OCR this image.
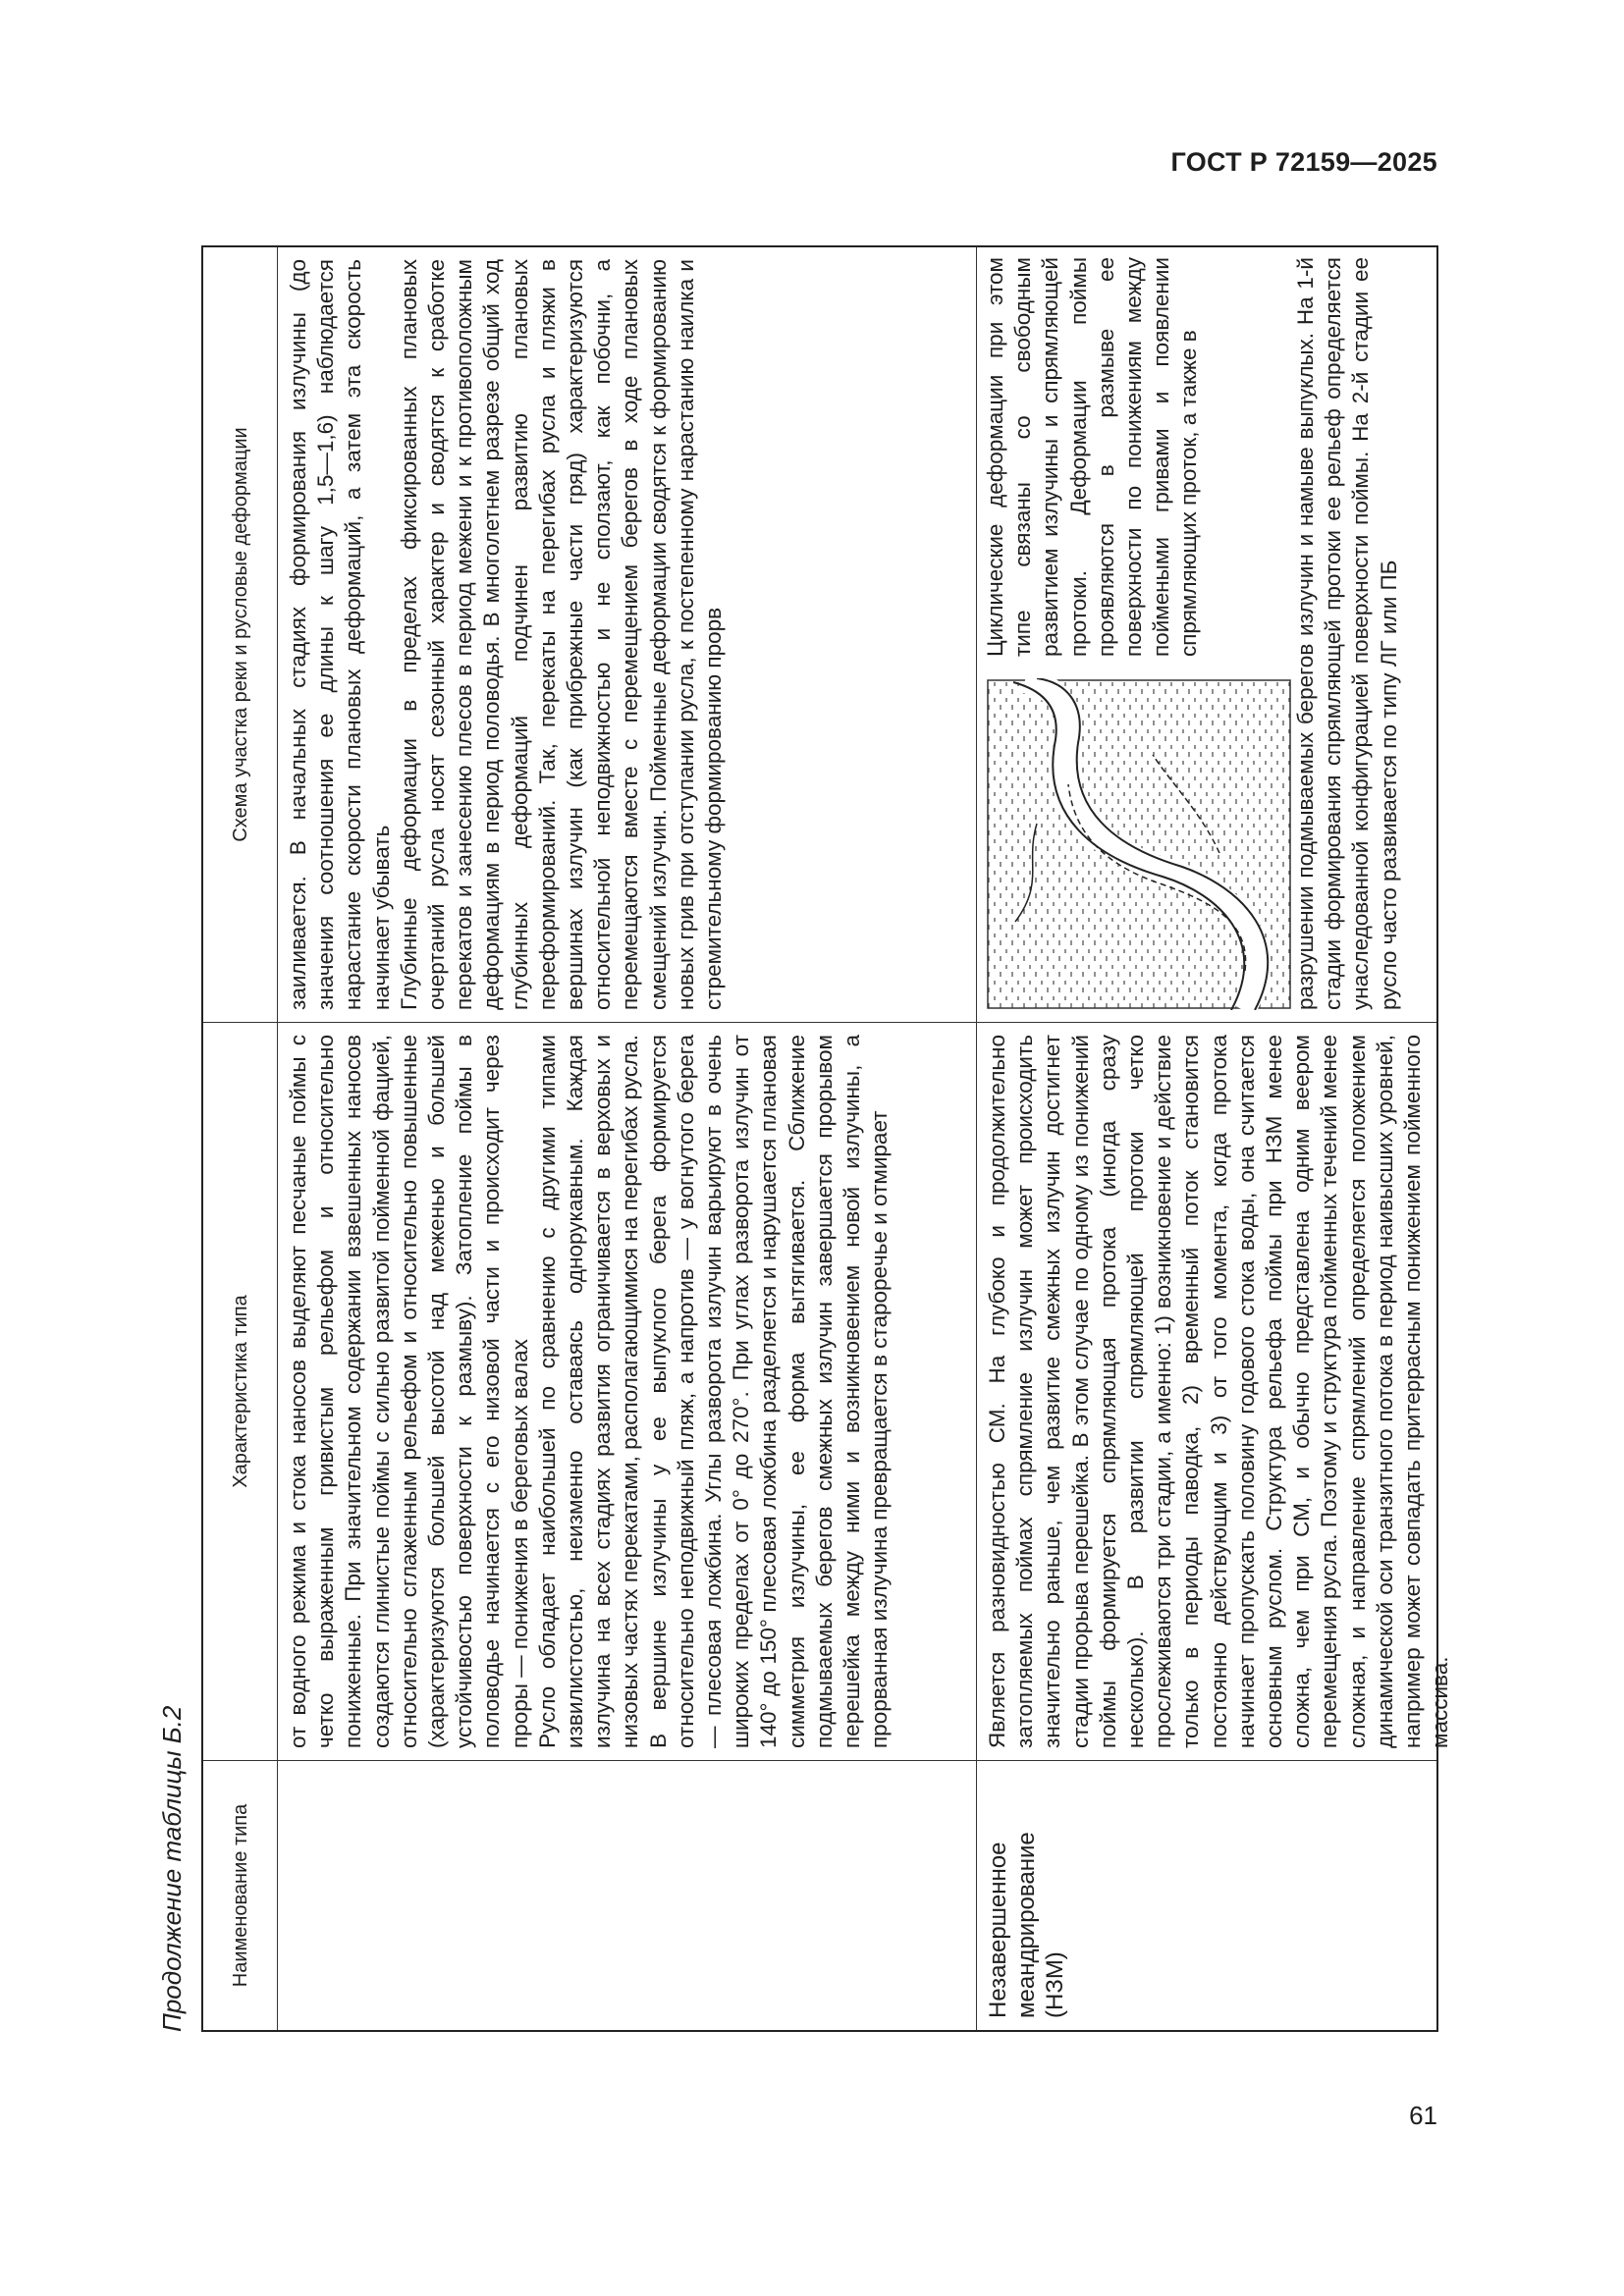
ГОСТ Р 72159—2025
Продолжение таблицы Б.2	Наименование типа
Характеристика типа
Схема участка реки и русловые деформации

от водного режима и стока наносов выделяют песчаные поймы с четко выраженным гривистым рельефом и относительно пониженные. При значительном содержании взвешенных наносов создаются глинистые поймы с сильно развитой пойменной фацией, относительно сглаженным рельефом и относительно повышенные (характеризуются большей высотой над меженью и большей устойчивостью поверхности к размыву). Затопление поймы в половодье начинается с его низовой части и происходит через проры — понижения в береговых валах
Русло обладает наибольшей по сравнению с другими типами извилистостью, неизменно оставаясь однорукавным. Каждая излучина на всех стадиях развития ограничивается в верховых и низовых частях перекатами, располагающимися на перегибах русла. В вершине излучины у ее выпуклого берега формируется относительно неподвижный пляж, а напротив — у вогнутого берега — плесовая ложбина. Углы разворота излучин варьируют в очень широких пределах от 0° до 270°. При углах разворота излучин от 140° до 150° плесовая ложбина разделяется и нарушается плановая симметрия излучины, ее форма вытягивается. Сближение подмываемых берегов смежных излучин завершается прорывом перешейка между ними и возникновением новой излучины, а прорванная излучина превращается в старорeчье и отмирает

заиливается. В начальных стадиях формирования излучины (до значения соотношения ее длины к шагу 1,5—1,6) наблюдается нарастание скорости плановых деформаций, а затем эта скорость начинает убывать
Глубинные деформации в пределах фиксированных плановых очертаний русла носят сезонный характер и сводятся к сработке перекатов и занесению плесов в период межени и к противоположным деформациям в период половодья. В многолетнем разрезе общий ход глубинных деформаций подчинен развитию плановых переформирований. Так, перекаты на перегибах русла и пляжи в вершинах излучин (как прибрежные части гряд) характеризуются относительной неподвижностью и не сползают, как побочни, а перемещаются вместе с перемещением берегов в ходе плановых смещений излучин. Пойменные деформации сводятся к формированию новых грив при отступании русла, к постепенному нарастанию наилка и стремительному формированию прорв

Незавершенное меандрирование (НЗМ)

Является разновидностью СМ. На глубоко и продолжительно затопляемых поймах спрямление излучин может происходить значительно раньше, чем развитие смежных излучин достигнет стадии прорыва перешейка. В этом случае по одному из понижений поймы формируется спрямляющая протока (иногда сразу несколько). В развитии спрямляющей протоки четко прослеживаются три стадии, а именно: 1) возникновение и действие только в периоды паводка, 2) временный поток становится постоянно действующим и 3) от того момента, когда протока начинает пропускать половину годового стока воды, она считается основным руслом. Структура рельефа поймы при НЗМ менее сложна, чем при СМ, и обычно представлена одним веером перемещения русла. Поэтому и структура пойменных течений менее сложная, и направление спрямлений определяется положением динамической оси транзитного потока в период наивысших уровней, например может совпадать притеррасным понижением пойменного массива.

Циклические деформации при этом типе связаны со свободным развитием излучины и спрямляющей протоки. Деформации поймы проявляются в размыве ее поверхности по понижениям между поймеными гривами и появлении спрямляющих проток, а также в	разрушении подмываемых берегов излучин и намыве выпуклых. На 1-й стадии формирования спрямляющей протоки ее рельеф определяется унаследованной конфигурацией поверхности поймы. На 2-й стадии ее русло часто развивается по типу ЛГ или ПБ

61
